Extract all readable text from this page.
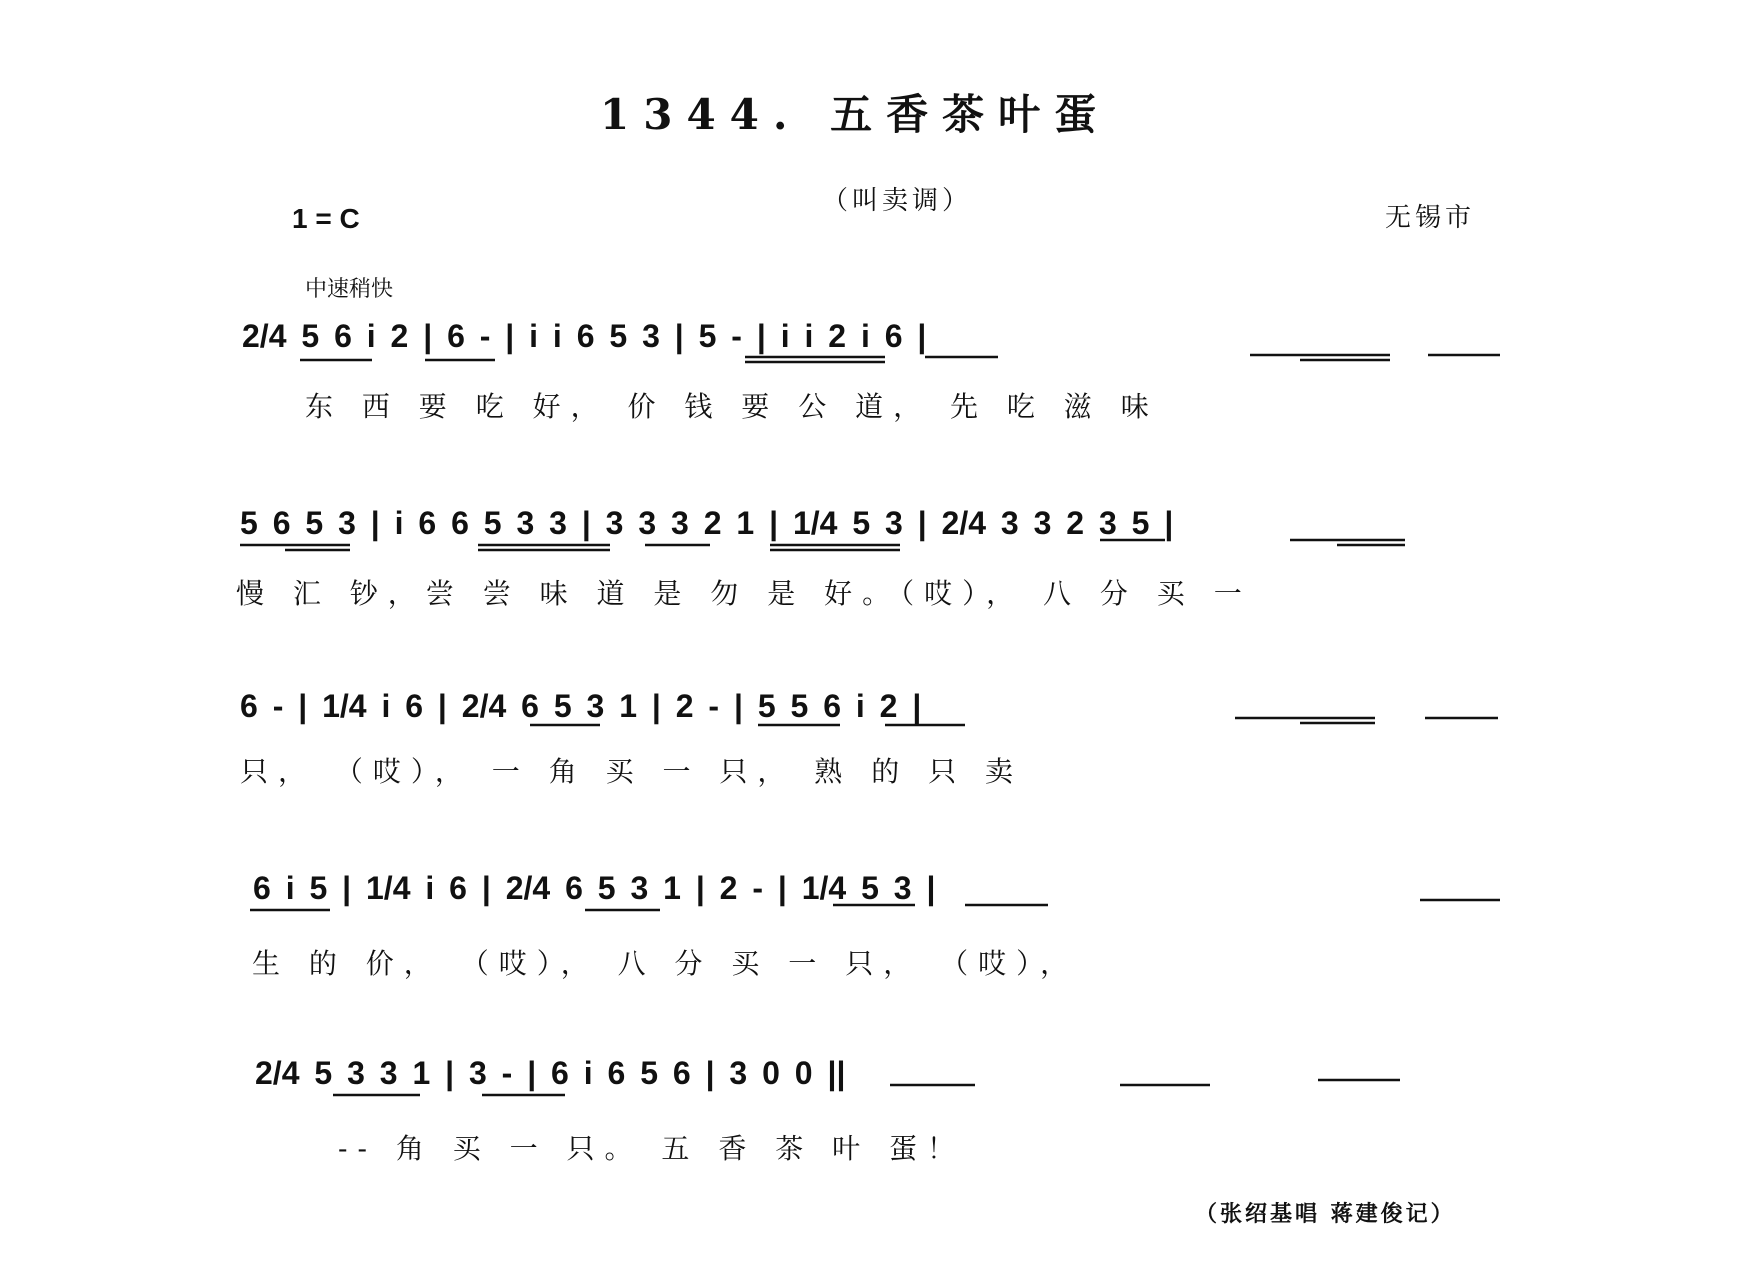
1344. 五香茶叶蛋
（叫卖调）
1 = C	无锡市
中速稍快
2/4 5 6 i 2 | 6 - | i i 6 5 3 | 5 - | i i 2 i 6 |
东 西 要 吃 好， 价 钱 要 公 道， 先 吃 滋 味
5 6 5 3 | i 6 6 5 3 3 | 3 3 3 2 1 | 1/4 5 3 | 2/4 3 3 2 3 5 |
慢 汇 钞，尝 尝 味 道 是 勿 是 好。（哎）， 八 分 买 一
6 - | 1/4 i 6 | 2/4 6 5 3 1 | 2 - | 5 5 6 i 2 |
只， （哎）， 一 角 买 一 只， 熟 的 只 卖
6 i 5 | 1/4 i 6 | 2/4 6 5 3 1 | 2 - | 1/4 5 3 |
生 的 价， （哎）， 八 分 买 一 只， （哎），
2/4 5 3 3 1 | 3 - | 6 i 6 5 6 | 3 0 0 ||
-- 角 买 一 只。 五 香 茶 叶 蛋！
（张绍基唱 蒋建俊记）
